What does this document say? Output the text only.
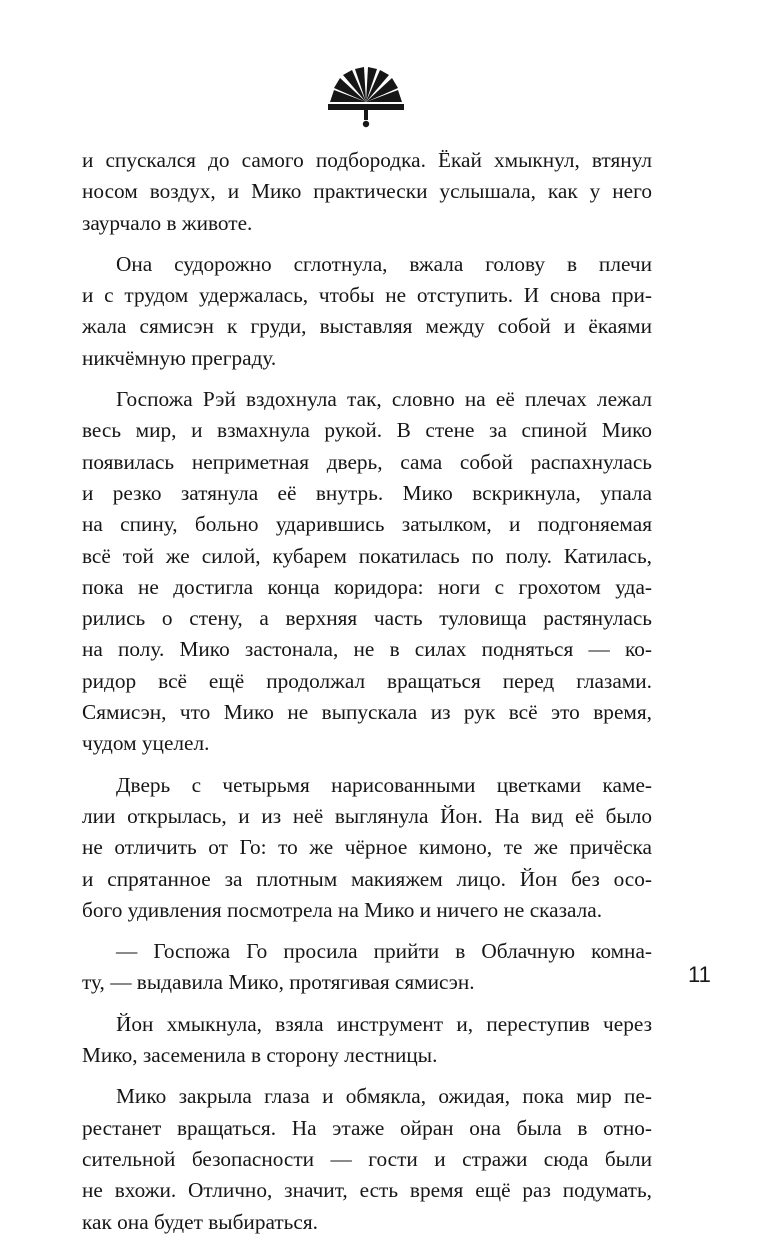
и спускался до самого подбородка. Ёкай хмыкнул, втянул
носом воздух, и Мико практически услышала, как у него
заурчало в животе.
Она судорожно сглотнула, вжала голову в плечи
и с трудом удержалась, чтобы не отступить. И снова при-
жала сямисэн к груди, выставляя между собой и ёкаями
никчёмную преграду.
Госпожа Рэй вздохнула так, словно на её плечах лежал
весь мир, и взмахнула рукой. В стене за спиной Мико
появилась неприметная дверь, сама собой распахнулась
и резко затянула её внутрь. Мико вскрикнула, упала
на спину, больно ударившись затылком, и подгоняемая
всё той же силой, кубарем покатилась по полу. Катилась,
пока не достигла конца коридора: ноги с грохотом уда-
рились о стену, а верхняя часть туловища растянулась
на полу. Мико застонала, не в силах подняться — ко-
ридор всё ещё продолжал вращаться перед глазами.
Сямисэн, что Мико не выпускала из рук всё это время,
чудом уцелел.
Дверь с четырьмя нарисованными цветками каме-
лии открылась, и из неё выглянула Йон. На вид её было
не отличить от Го: то же чёрное кимоно, те же причёска
и спрятанное за плотным макияжем лицо. Йон без осо-
бого удивления посмотрела на Мико и ничего не сказала.
— Госпожа Го просила прийти в Облачную комна-
ту, — выдавила Мико, протягивая сямисэн.
Йон хмыкнула, взяла инструмент и, переступив через
Мико, засеменила в сторону лестницы.
Мико закрыла глаза и обмякла, ожидая, пока мир пе-
рестанет вращаться. На этаже ойран она была в отно-
сительной безопасности — гости и стражи сюда были
не вхожи. Отлично, значит, есть время ещё раз подумать,
как она будет выбираться.
11
